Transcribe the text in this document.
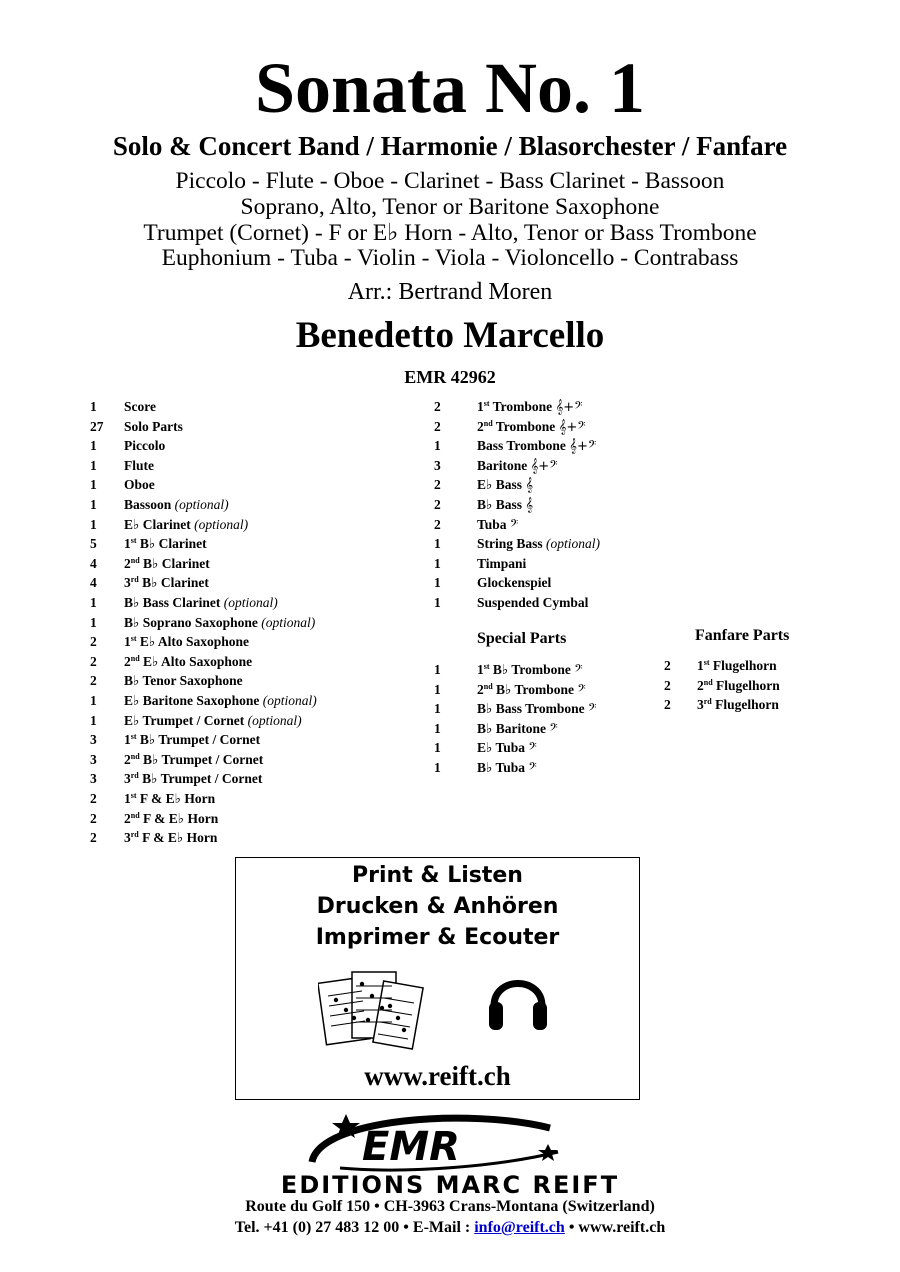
Sonata No. 1
Solo & Concert Band / Harmonie / Blasorchester / Fanfare
Piccolo - Flute - Oboe - Clarinet - Bass Clarinet - Bassoon
Soprano, Alto, Tenor or Baritone Saxophone
Trumpet (Cornet) - F or E♭ Horn - Alto, Tenor or Bass Trombone
Euphonium - Tuba - Violin - Viola - Violoncello - Contrabass
Arr.: Bertrand Moren
Benedetto Marcello
EMR 42962
1 Score
27 Solo Parts
1 Piccolo
1 Flute
1 Oboe
1 Bassoon (optional)
1 E♭ Clarinet (optional)
5 1st B♭ Clarinet
4 2nd B♭ Clarinet
4 3rd B♭ Clarinet
1 B♭ Bass Clarinet (optional)
1 B♭ Soprano Saxophone (optional)
2 1st E♭ Alto Saxophone
2 2nd E♭ Alto Saxophone
2 B♭ Tenor Saxophone
1 E♭ Baritone Saxophone (optional)
1 E♭ Trumpet / Cornet (optional)
3 1st B♭ Trumpet / Cornet
3 2nd B♭ Trumpet / Cornet
3 3rd B♭ Trumpet / Cornet
2 1st F & E♭ Horn
2 2nd F & E♭ Horn
2 3rd F & E♭ Horn
2	1st Trombone 𝄞+𝄢
2	2nd Trombone 𝄞+𝄢
1	Bass Trombone 𝄞+𝄢
3	Baritone 𝄞+𝄢
2	E♭ Bass 𝄞
2	B♭ Bass 𝄞
2	Tuba 𝄢
1	String Bass (optional)
1	Timpani
1	Glockenspiel
1	Suspended Cymbal
Special Parts
1	1st B♭ Trombone 𝄢
1	2nd B♭ Trombone 𝄢
1	B♭ Bass Trombone 𝄢
1	B♭ Baritone 𝄢
1	E♭ Tuba 𝄢
1	B♭ Tuba 𝄢
Fanfare Parts
2 1st Flugelhorn
2 2nd Flugelhorn
2 3rd Flugelhorn
Print & Listen
Drucken & Anhören
Imprimer & Ecouter
www.reift.ch
EMR
EDITIONS MARC REIFT
Route du Golf 150 • CH-3963 Crans-Montana (Switzerland)
Tel. +41 (0) 27 483 12 00 • E-Mail : info@reift.ch • www.reift.ch
